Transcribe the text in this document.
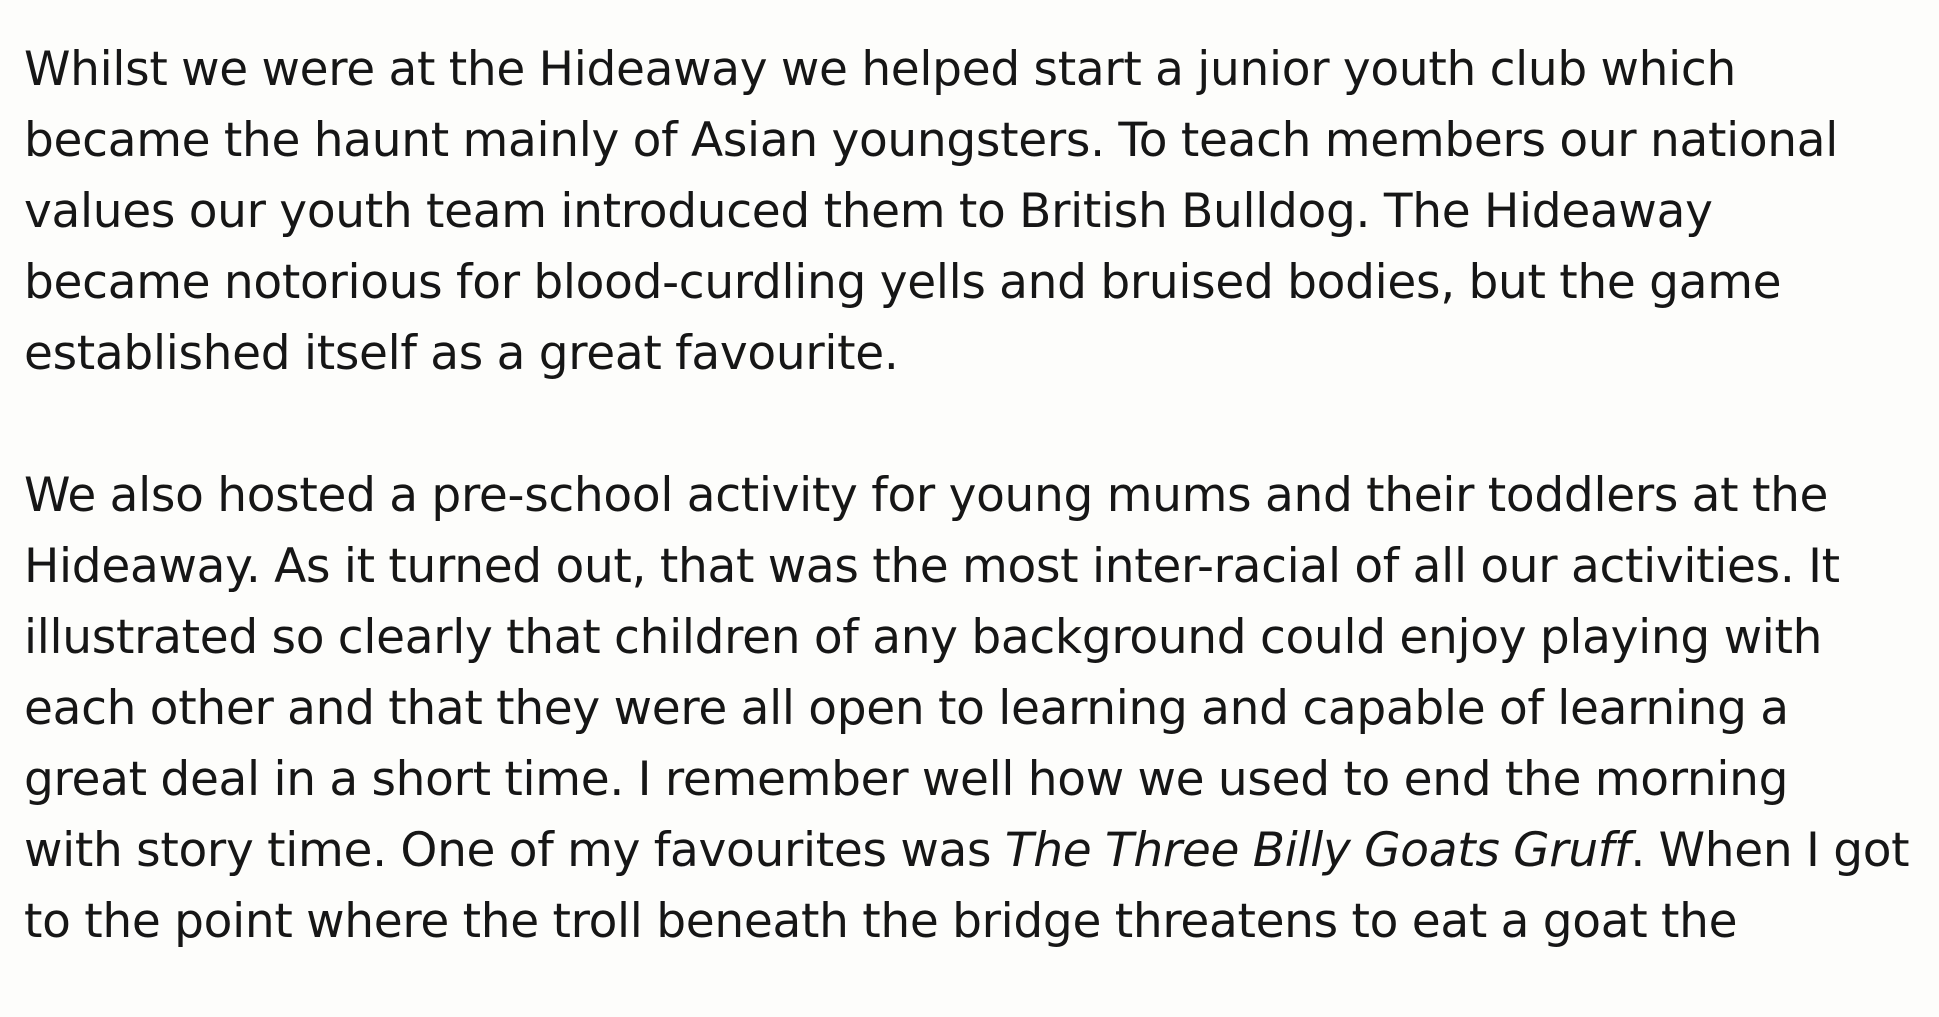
Whilst we were at the Hideaway we helped start a junior youth club which
became the haunt mainly of Asian youngsters. To teach members our national
values our youth team introduced them to British Bulldog. The Hideaway
became notorious for blood-curdling yells and bruised bodies, but the game
established itself as a great favourite.

We also hosted a pre-school activity for young mums and their toddlers at the
Hideaway. As it turned out, that was the most inter-racial of all our activities. It
illustrated so clearly that children of any background could enjoy playing with
each other and that they were all open to learning and capable of learning a
great deal in a short time. I remember well how we used to end the morning
with story time. One of my favourites was The Three Billy Goats Gruff. When I got
to the point where the troll beneath the bridge threatens to eat a goat the
